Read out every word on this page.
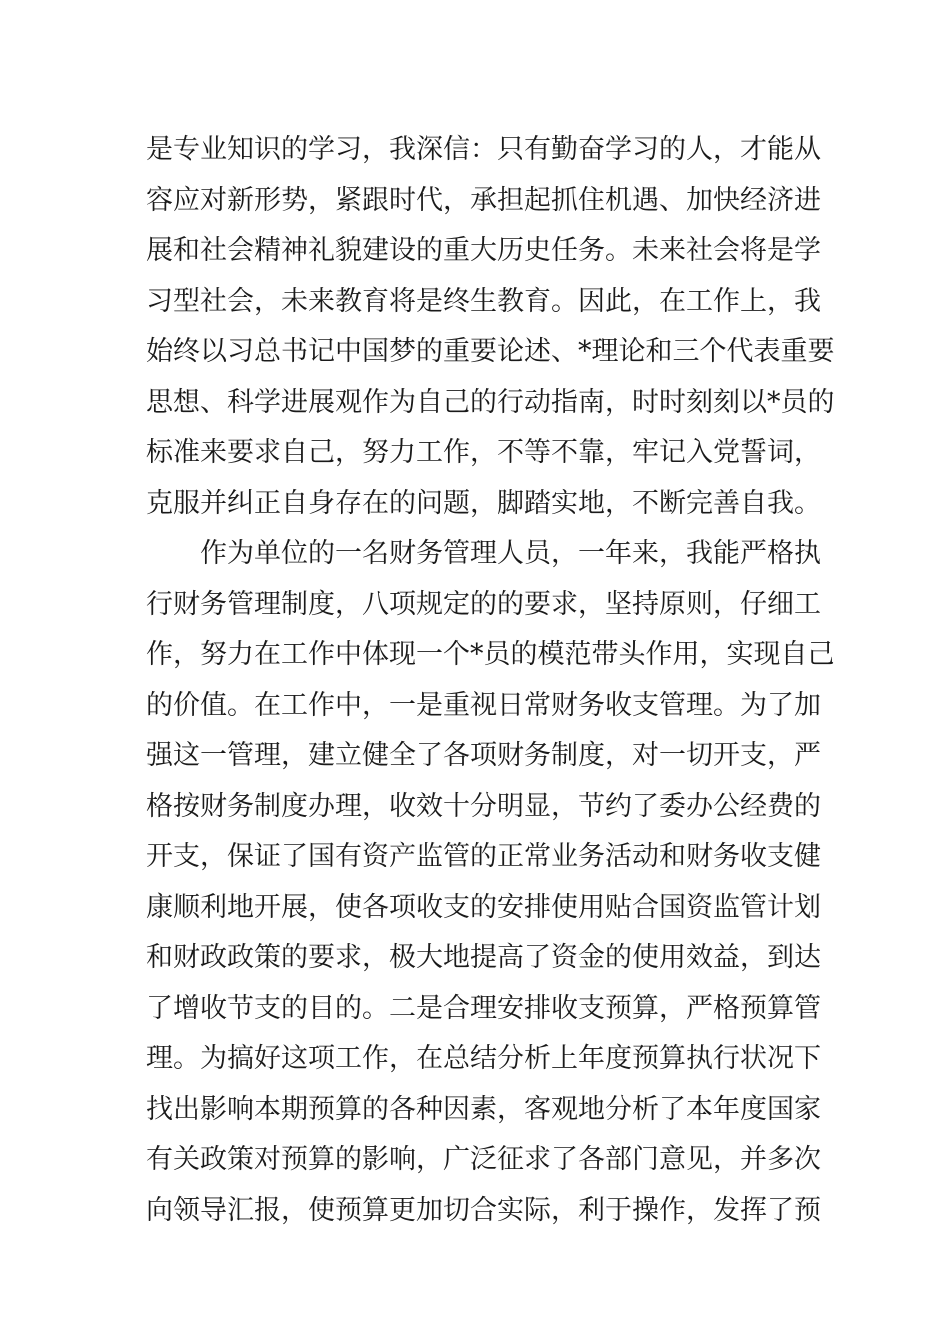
是专业知识的学习，我深信：只有勤奋学习的人，才能从
容应对新形势，紧跟时代，承担起抓住机遇、加快经济进
展和社会精神礼貌建设的重大历史任务。未来社会将是学
习型社会，未来教育将是终生教育。因此，在工作上，我
始终以习总书记中国梦的重要论述、*理论和三个代表重要
思想、科学进展观作为自己的行动指南，时时刻刻以*员的
标准来要求自己，努力工作，不等不靠，牢记入党誓词，
克服并纠正自身存在的问题，脚踏实地，不断完善自我。
　　作为单位的一名财务管理人员，一年来，我能严格执
行财务管理制度，八项规定的的要求，坚持原则，仔细工
作，努力在工作中体现一个*员的模范带头作用，实现自己
的价值。在工作中，一是重视日常财务收支管理。为了加
强这一管理，建立健全了各项财务制度，对一切开支，严
格按财务制度办理，收效十分明显，节约了委办公经费的
开支，保证了国有资产监管的正常业务活动和财务收支健
康顺利地开展，使各项收支的安排使用贴合国资监管计划
和财政政策的要求，极大地提高了资金的使用效益，到达
了增收节支的目的。二是合理安排收支预算，严格预算管
理。为搞好这项工作，在总结分析上年度预算执行状况下
找出影响本期预算的各种因素，客观地分析了本年度国家
有关政策对预算的影响，广泛征求了各部门意见，并多次
向领导汇报，使预算更加切合实际，利于操作，发挥了预
